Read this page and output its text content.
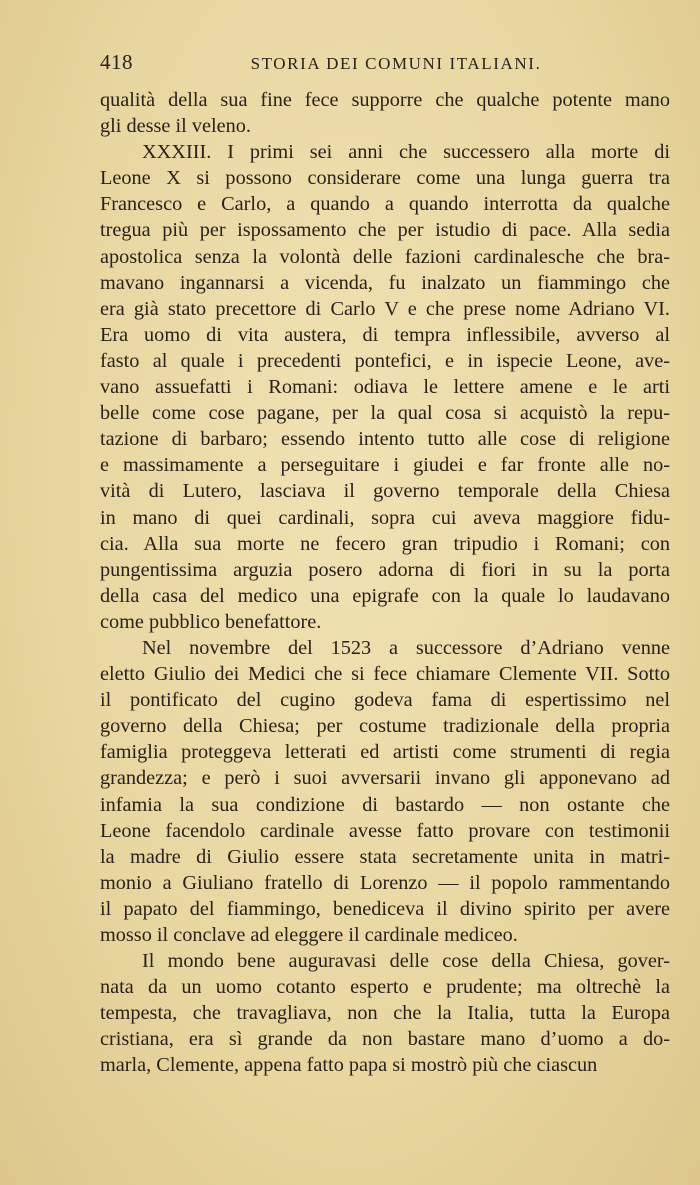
418	STORIA DEI COMUNI ITALIANI.

qualità della sua fine fece supporre che qualche potente mano
gli desse il veleno.

XXXIII. I primi sei anni che successero alla morte di
Leone X si possono considerare come una lunga guerra tra
Francesco e Carlo, a quando a quando interrotta da qualche
tregua più per ispossamento che per istudio di pace. Alla sedia
apostolica senza la volontà delle fazioni cardinalesche che bra-
mavano ingannarsi a vicenda, fu inalzato un fiammingo che
era già stato precettore di Carlo V e che prese nome Adriano VI.
Era uomo di vita austera, di tempra inflessibile, avverso al
fasto al quale i precedenti pontefici, e in ispecie Leone, ave-
vano assuefatti i Romani: odiava le lettere amene e le arti
belle come cose pagane, per la qual cosa si acquistò la repu-
tazione di barbaro; essendo intento tutto alle cose di religione
e massimamente a perseguitare i giudei e far fronte alle no-
vità di Lutero, lasciava il governo temporale della Chiesa
in mano di quei cardinali, sopra cui aveva maggiore fidu-
cia. Alla sua morte ne fecero gran tripudio i Romani; con
pungentissima arguzia posero adorna di fiori in su la porta
della casa del medico una epigrafe con la quale lo laudavano
come pubblico benefattore.

Nel novembre del 1523 a successore d’Adriano venne
eletto Giulio dei Medici che si fece chiamare Clemente VII. Sotto
il pontificato del cugino godeva fama di espertissimo nel
governo della Chiesa; per costume tradizionale della propria
famiglia proteggeva letterati ed artisti come strumenti di regia
grandezza; e però i suoi avversarii invano gli apponevano ad
infamia la sua condizione di bastardo — non ostante che
Leone facendolo cardinale avesse fatto provare con testimonii
la madre di Giulio essere stata secretamente unita in matri-
monio a Giuliano fratello di Lorenzo — il popolo rammentando
il papato del fiammingo, benediceva il divino spirito per avere
mosso il conclave ad eleggere il cardinale mediceo.

Il mondo bene auguravasi delle cose della Chiesa, gover-
nata da un uomo cotanto esperto e prudente; ma oltrechè la
tempesta, che travagliava, non che la Italia, tutta la Europa
cristiana, era sì grande da non bastare mano d’uomo a do-
marla, Clemente, appena fatto papa si mostrò più che ciascun
